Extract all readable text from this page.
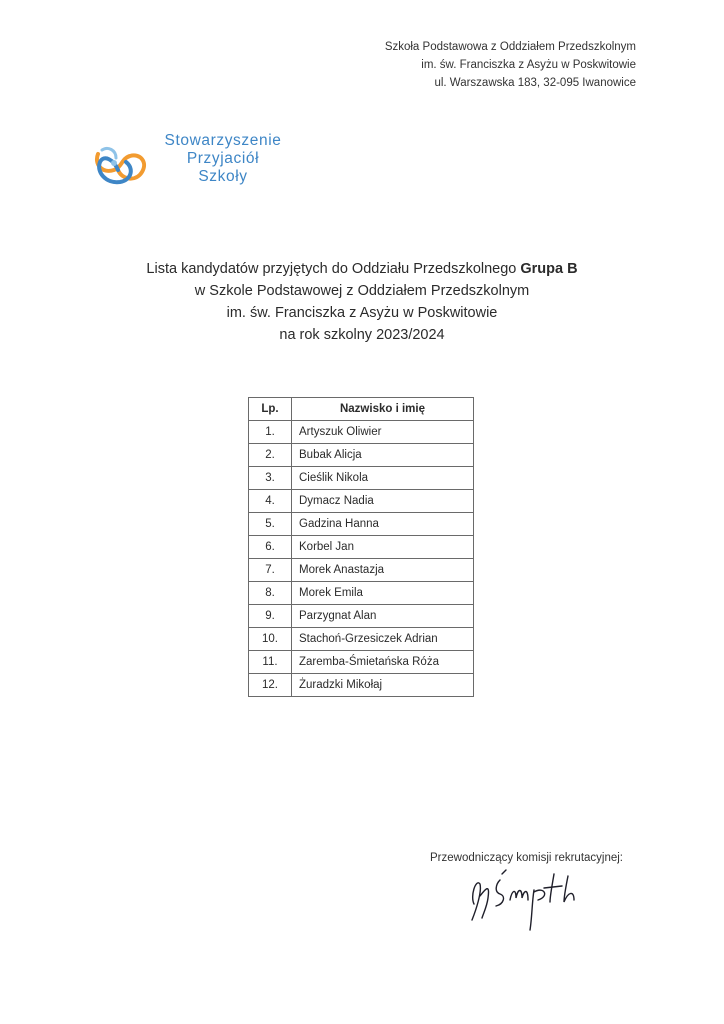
Szkoła Podstawowa z Oddziałem Przedszkolnym
im. św. Franciszka z Asyżu w Poskwitowie
ul. Warszawska 183, 32-095 Iwanowice
Stowarzyszenie
Przyjaciół
Szkoły
Lista kandydatów przyjętych do Oddziału Przedszkolnego Grupa B
w Szkole Podstawowej z Oddziałem Przedszkolnym
im. św. Franciszka z Asyżu w Poskwitowie
na rok szkolny 2023/2024
Lp.	Nazwisko i imię
1.	Artyszuk Oliwier
2.	Bubak Alicja
3.	Cieślik Nikola
4.	Dymacz Nadia
5.	Gadzina Hanna
6.	Korbel Jan
7.	Morek Anastazja
8.	Morek Emila
9.	Parzygnat Alan
10.	Stachoń-Grzesiczek Adrian
11.	Zaremba-Śmietańska Róża
12.	Żuradzki Mikołaj
Przewodniczący komisji rekrutacyjnej:
